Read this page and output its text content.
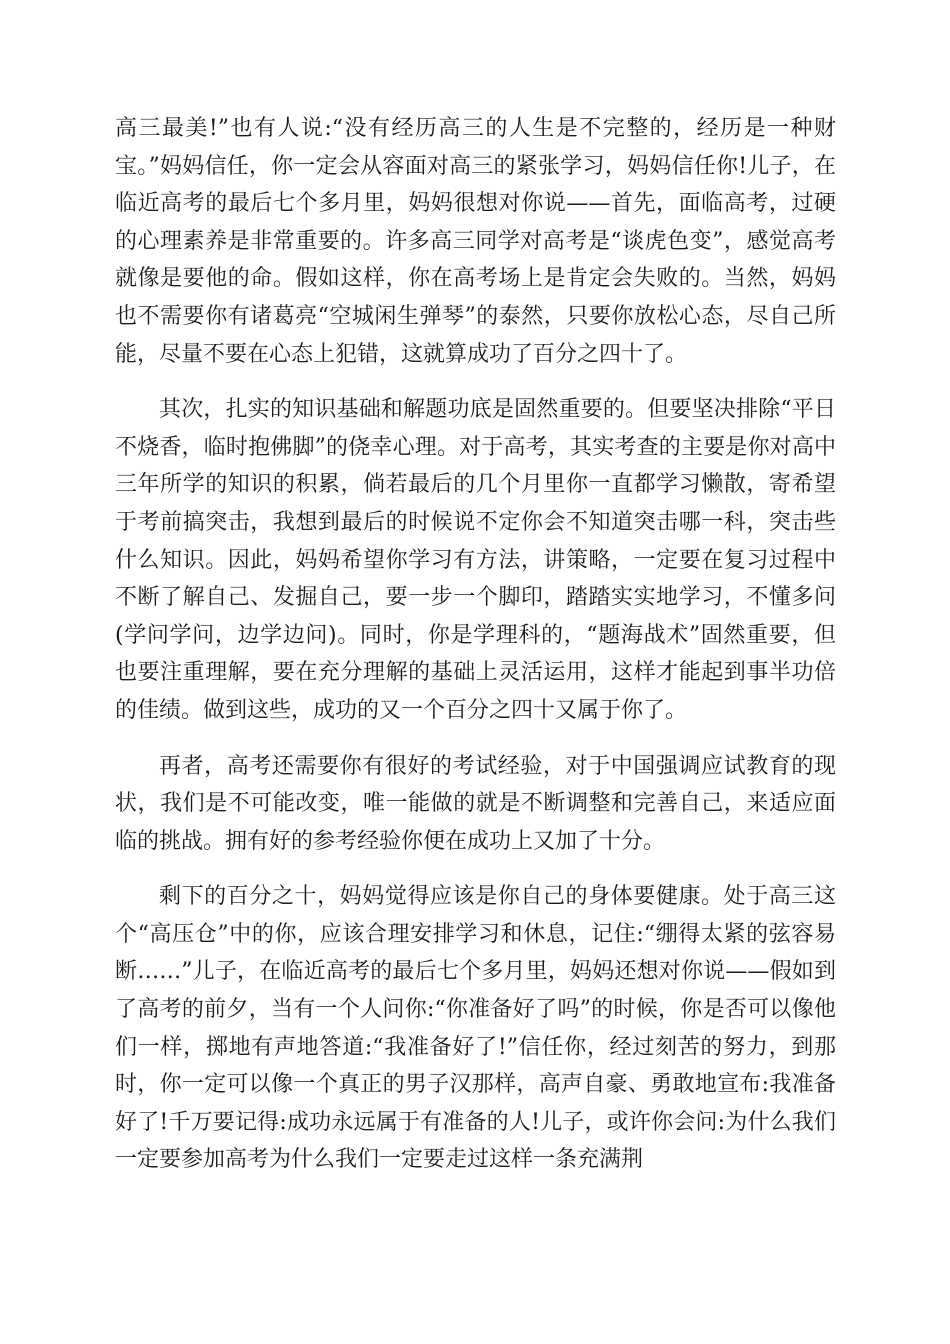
高三最美!”也有人说:“没有经历高三的人生是不完整的，经历是一种财宝。”妈妈信任，你一定会从容面对高三的紧张学习，妈妈信任你!儿子，在临近高考的最后七个多月里，妈妈很想对你说——首先，面临高考，过硬的心理素养是非常重要的。许多高三同学对高考是“谈虎色变”，感觉高考就像是要他的命。假如这样，你在高考场上是肯定会失败的。当然，妈妈也不需要你有诸葛亮“空城闲生弹琴”的泰然，只要你放松心态，尽自己所能，尽量不要在心态上犯错，这就算成功了百分之四十了。

其次，扎实的知识基础和解题功底是固然重要的。但要坚决排除“平日不烧香，临时抱佛脚”的侥幸心理。对于高考，其实考查的主要是你对高中三年所学的知识的积累，倘若最后的几个月里你一直都学习懒散，寄希望于考前搞突击，我想到最后的时候说不定你会不知道突击哪一科，突击些什么知识。因此，妈妈希望你学习有方法，讲策略，一定要在复习过程中不断了解自己、发掘自己，要一步一个脚印，踏踏实实地学习，不懂多问(学问学问，边学边问)。同时，你是学理科的，“题海战术”固然重要，但也要注重理解，要在充分理解的基础上灵活运用，这样才能起到事半功倍的佳绩。做到这些，成功的又一个百分之四十又属于你了。

再者，高考还需要你有很好的考试经验，对于中国强调应试教育的现状，我们是不可能改变，唯一能做的就是不断调整和完善自己，来适应面临的挑战。拥有好的参考经验你便在成功上又加了十分。

剩下的百分之十，妈妈觉得应该是你自己的身体要健康。处于高三这个“高压仓”中的你，应该合理安排学习和休息，记住:“绷得太紧的弦容易断……”儿子，在临近高考的最后七个多月里，妈妈还想对你说——假如到了高考的前夕，当有一个人问你:“你准备好了吗”的时候，你是否可以像他们一样，掷地有声地答道:“我准备好了!”信任你，经过刻苦的努力，到那时，你一定可以像一个真正的男子汉那样，高声自豪、勇敢地宣布:我准备好了!千万要记得:成功永远属于有准备的人!儿子，或许你会问:为什么我们一定要参加高考为什么我们一定要走过这样一条充满荆
